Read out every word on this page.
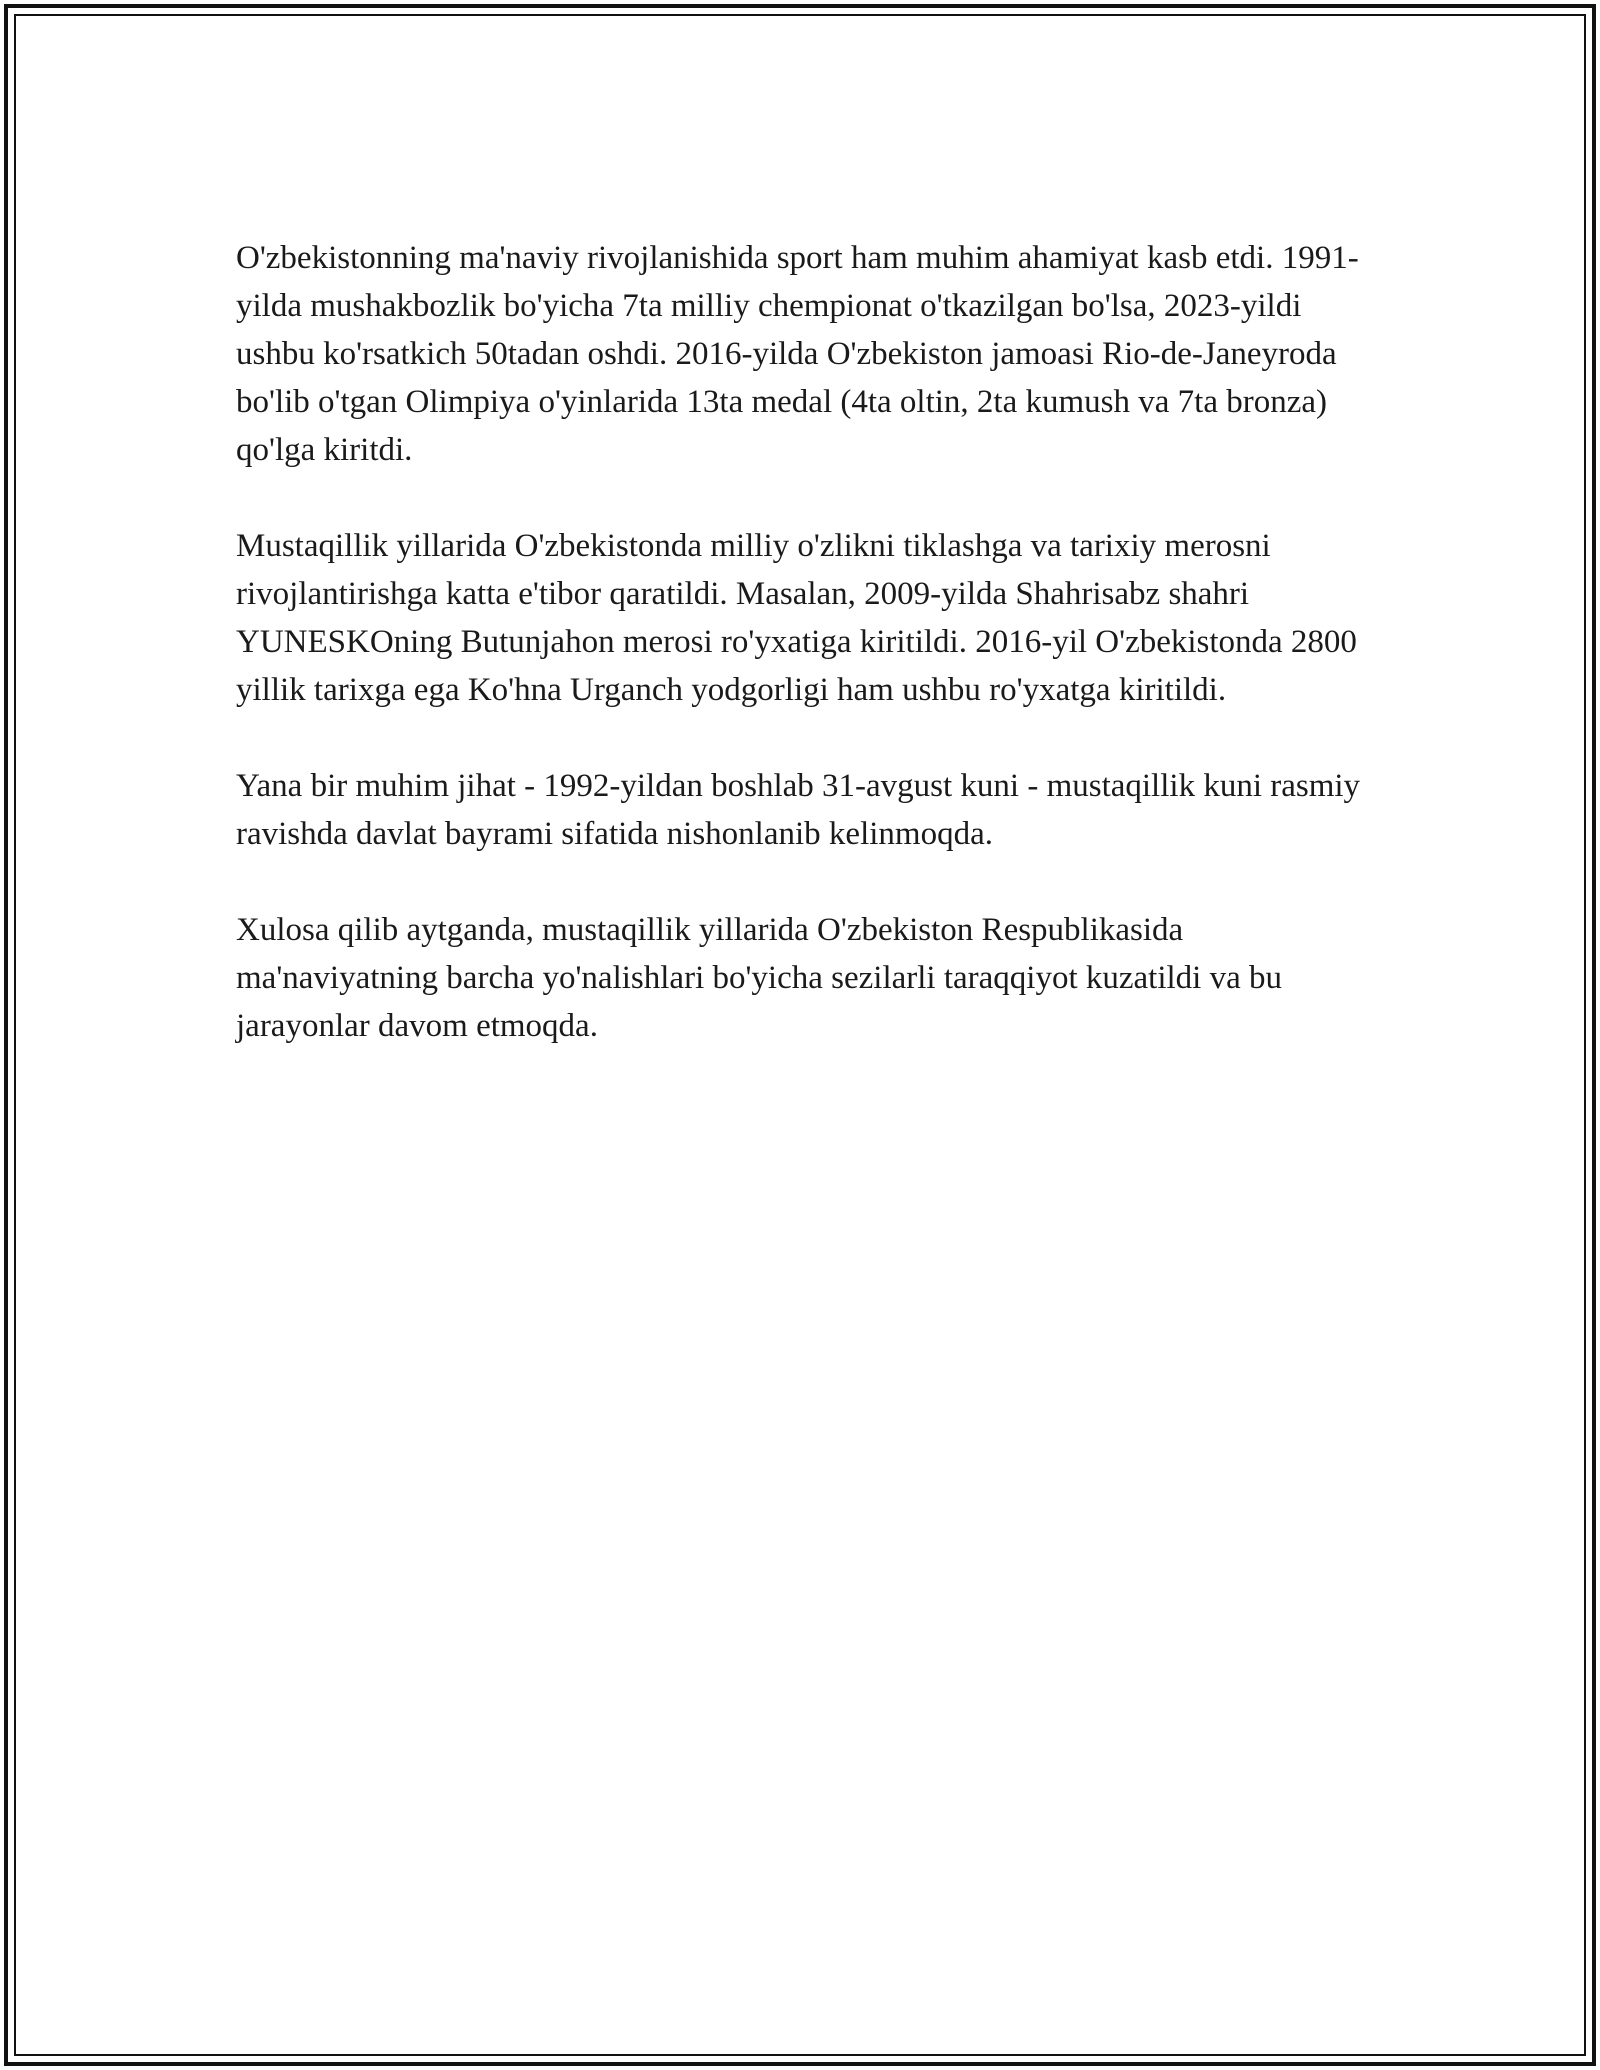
O'zbekistonning ma'naviy rivojlanishida sport ham muhim ahamiyat kasb etdi. 1991-yilda mushakbozlik bo'yicha 7ta milliy chempionat o'tkazilgan bo'lsa, 2023-yildi ushbu ko'rsatkich 50tadan oshdi. 2016-yilda O'zbekiston jamoasi Rio-de-Janeyroda bo'lib o'tgan Olimpiya o'yinlarida 13ta medal (4ta oltin, 2ta kumush va 7ta bronza) qo'lga kiritdi.

Mustaqillik yillarida O'zbekistonda milliy o'zlikni tiklashga va tarixiy merosni rivojlantirishga katta e'tibor qaratildi. Masalan, 2009-yilda Shahrisabz shahri YUNESKOning Butunjahon merosi ro'yxatiga kiritildi. 2016-yil O'zbekistonda 2800 yillik tarixga ega Ko'hna Urganch yodgorligi ham ushbu ro'yxatga kiritildi.

Yana bir muhim jihat - 1992-yildan boshlab 31-avgust kuni - mustaqillik kuni rasmiy ravishda davlat bayrami sifatida nishonlanib kelinmoqda.

Xulosa qilib aytganda, mustaqillik yillarida O'zbekiston Respublikasida ma'naviyatning barcha yo'nalishlari bo'yicha sezilarli taraqqiyot kuzatildi va bu jarayonlar davom etmoqda.
